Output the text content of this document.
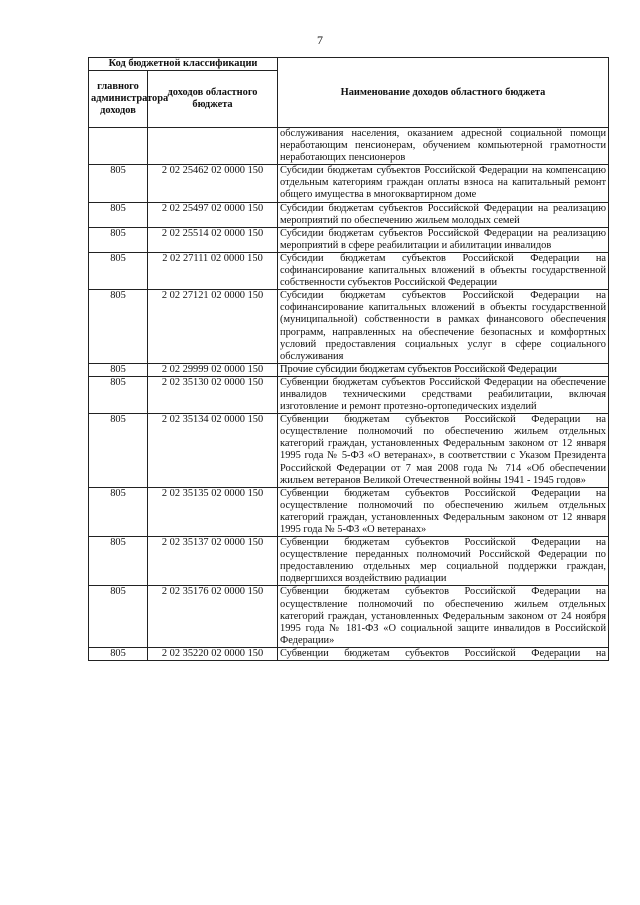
7
Код бюджетной классификации		Наименование доходов областного бюджета
главного администратора доходов	доходов областного бюджета	
		обслуживания населения, оказанием адресной социальной помощи неработающим пенсионерам, обучением компьютерной грамотности неработающих пенсионеров
805	2 02 25462 02 0000 150	Субсидии бюджетам субъектов Российской Федерации на компенсацию отдельным категориям граждан оплаты взноса на капитальный ремонт общего имущества в многоквартирном доме
805	2 02 25497 02 0000 150	Субсидии бюджетам субъектов Российской Федерации на реализацию мероприятий по обеспечению жильем молодых семей
805	2 02 25514 02 0000 150	Субсидии бюджетам субъектов Российской Федерации на реализацию мероприятий в сфере реабилитации и абилитации инвалидов
805	2 02 27111 02 0000 150	Субсидии бюджетам субъектов Российской Федерации на софинансирование капитальных вложений в объекты государственной собственности субъектов Российской Федерации
805	2 02 27121 02 0000 150	Субсидии бюджетам субъектов Российской Федерации на софинансирование капитальных вложений в объекты государственной (муниципальной) собственности в рамках финансового обеспечения программ, направленных на обеспечение безопасных и комфортных условий предоставления социальных услуг в сфере социального обслуживания
805	2 02 29999 02 0000 150	Прочие субсидии бюджетам субъектов Российской Федерации
805	2 02 35130 02 0000 150	Субвенции бюджетам субъектов Российской Федерации на обеспечение инвалидов техническими средствами реабилитации, включая изготовление и ремонт протезно-ортопедических изделий
805	2 02 35134 02 0000 150	Субвенции бюджетам субъектов Российской Федерации на осуществление полномочий по обеспечению жильем отдельных категорий граждан, установленных Федеральным законом от 12 января 1995 года № 5-ФЗ «О ветеранах», в соответствии с Указом Президента Российской Федерации от 7 мая 2008 года № 714 «Об обеспечении жильем ветеранов Великой Отечественной войны 1941 - 1945 годов»
805	2 02 35135 02 0000 150	Субвенции бюджетам субъектов Российской Федерации на осуществление полномочий по обеспечению жильем отдельных категорий граждан, установленных Федеральным законом от 12 января 1995 года № 5-ФЗ «О ветеранах»
805	2 02 35137 02 0000 150	Субвенции бюджетам субъектов Российской Федерации на осуществление переданных полномочий Российской Федерации по предоставлению отдельных мер социальной поддержки граждан, подвергшихся воздействию радиации
805	2 02 35176 02 0000 150	Субвенции бюджетам субъектов Российской Федерации на осуществление полномочий по обеспечению жильем отдельных категорий граждан, установленных Федеральным законом от 24 ноября 1995 года № 181-ФЗ «О социальной защите инвалидов в Российской Федерации»
805	2 02 35220 02 0000 150	Субвенции бюджетам субъектов Российской Федерации на
